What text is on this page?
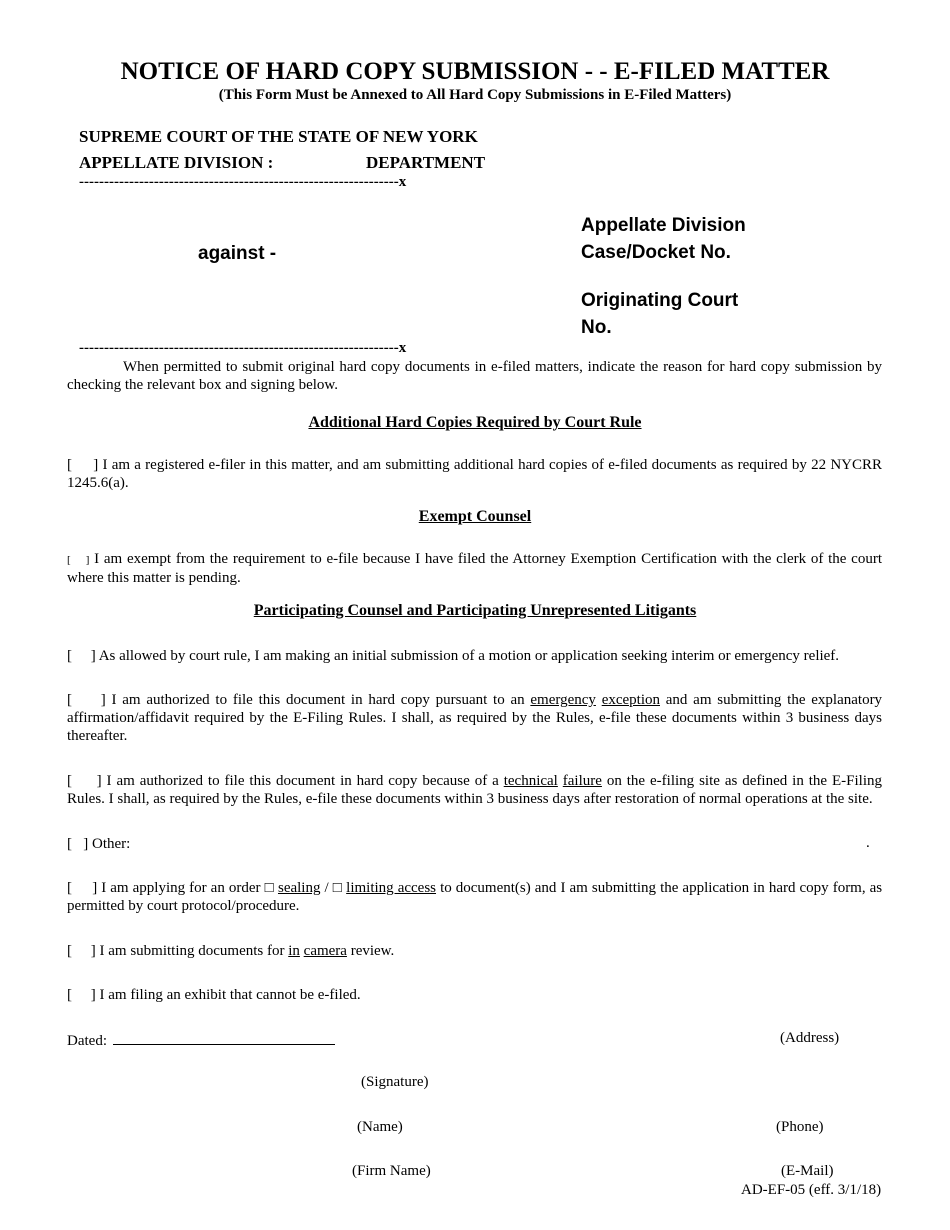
NOTICE OF HARD COPY SUBMISSION - - E-FILED MATTER
(This Form Must be Annexed to All Hard Copy Submissions in E-Filed Matters)
SUPREME COURT OF THE STATE OF NEW YORK
APPELLATE DIVISION :	DEPARTMENT
----------------------------------------------------------------x
against -
Appellate Division
Case/Docket No.
Originating Court
No.
----------------------------------------------------------------x
When permitted to submit original hard copy documents in e-filed matters, indicate the reason for hard copy submission by checking the relevant box and signing below.
Additional Hard Copies Required by Court Rule
[ ] I am a registered e-filer in this matter, and am submitting additional hard copies of e-filed documents as required by 22 NYCRR 1245.6(a).
Exempt Counsel
[ ] I am exempt from the requirement to e-file because I have filed the Attorney Exemption Certification with the clerk of the court where this matter is pending.
Participating Counsel and Participating Unrepresented Litigants
[ ] As allowed by court rule, I am making an initial submission of a motion or application seeking interim or emergency relief.
[ ] I am authorized to file this document in hard copy pursuant to an emergency exception and am submitting the explanatory affirmation/affidavit required by the E-Filing Rules. I shall, as required by the Rules, e-file these documents within 3 business days thereafter.
[ ] I am authorized to file this document in hard copy because of a technical failure on the e-filing site as defined in the E-Filing Rules. I shall, as required by the Rules, e-file these documents within 3 business days after restoration of normal operations at the site.
[ ] Other:	.
[ ] I am applying for an order □ sealing / □ limiting access to document(s) and I am submitting the application in hard copy form, as permitted by court protocol/procedure.
[ ] I am submitting documents for in camera review.
[ ] I am filing an exhibit that cannot be e-filed.
Dated:	(Address)
(Signature)
(Name)	(Phone)
(Firm Name)	(E-Mail)
AD-EF-05 (eff. 3/1/18)
